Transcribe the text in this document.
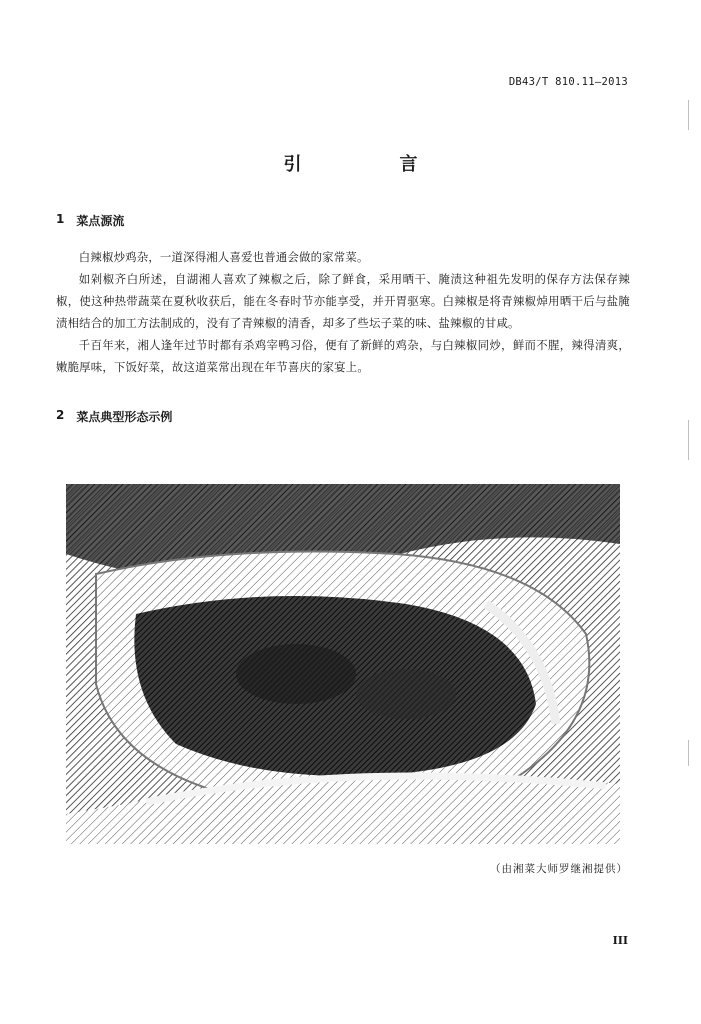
DB43/T 810.11—2013
引　言
1 菜点源流

白辣椒炒鸡杂，一道深得湘人喜爱也普通会做的家常菜。

如剁椒齐白所述，自湖湘人喜欢了辣椒之后，除了鲜食，采用晒干、腌渍这种祖先发明的保存方法保存辣椒，使这种热带蔬菜在夏秋收获后，能在冬春时节亦能享受，并开胃驱寒。白辣椒是将青辣椒焯用晒干后与盐腌渍相结合的加工方法制成的，没有了青辣椒的清香，却多了些坛子菜的味、盐辣椒的甘咸。

千百年来，湘人逢年过节时都有杀鸡宰鸭习俗，便有了新鲜的鸡杂，与白辣椒同炒，鲜而不腥，辣得清爽，嫩脆厚味，下饭好菜，故这道菜常出现在年节喜庆的家宴上。

2 菜点典型形态示例
（由湘菜大师罗继湘提供）
III
